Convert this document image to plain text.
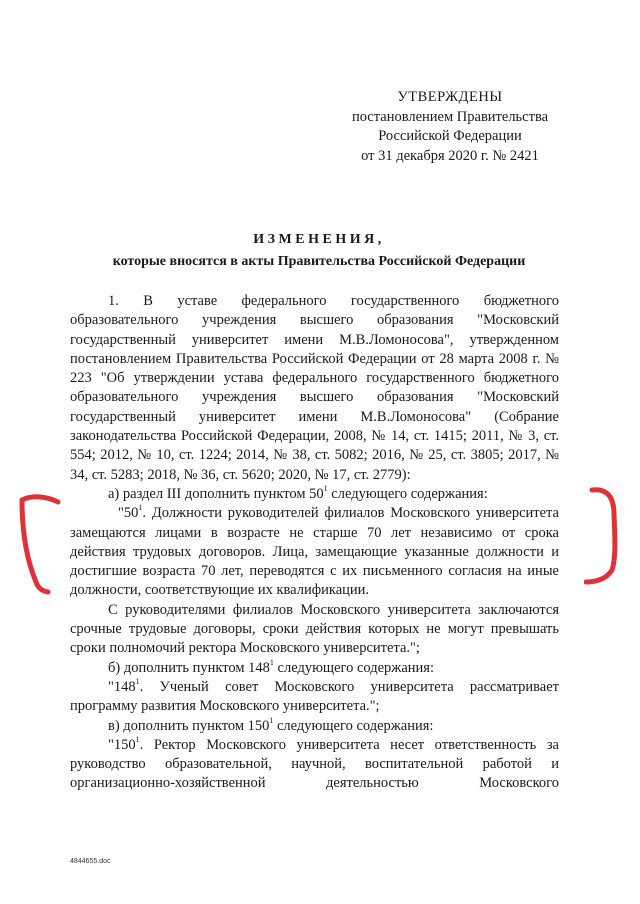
УТВЕРЖДЕНЫ
постановлением Правительства
Российской Федерации
от 31 декабря 2020 г. № 2421
ИЗМЕНЕНИЯ,
которые вносятся в акты Правительства Российской Федерации

1. В уставе федерального государственного бюджетного образовательного учреждения высшего образования "Московский государственный университет имени М.В.Ломоносова", утвержденном постановлением Правительства Российской Федерации от 28 марта 2008 г. № 223 "Об утверждении устава федерального государственного бюджетного образовательного учреждения высшего образования "Московский государственный университет имени М.В.Ломоносова" (Собрание законодательства Российской Федерации, 2008, № 14, ст. 1415; 2011, № 3, ст. 554; 2012, № 10, ст. 1224; 2014, № 38, ст. 5082; 2016, № 25, ст. 3805; 2017, № 34, ст. 5283; 2018, № 36, ст. 5620; 2020, № 17, ст. 2779):

а) раздел III дополнить пунктом $50^1$ следующего содержания:

"$50^1$. Должности руководителей филиалов Московского университета замещаются лицами в возрасте не старше 70 лет независимо от срока действия трудовых договоров. Лица, замещающие указанные должности и достигшие возраста 70 лет, переводятся с их письменного согласия на иные должности, соответствующие их квалификации.

С руководителями филиалов Московского университета заключаются срочные трудовые договоры, сроки действия которых не могут превышать сроки полномочий ректора Московского университета.";

б) дополнить пунктом $148^1$ следующего содержания:

"$148^1$. Ученый совет Московского университета рассматривает программу развития Московского университета.";

в) дополнить пунктом $150^1$ следующего содержания:

"$150^1$. Ректор Московского университета несет ответственность за руководство образовательной, научной, воспитательной работой и организационно-хозяйственной деятельностью Московского

4844655.doc
